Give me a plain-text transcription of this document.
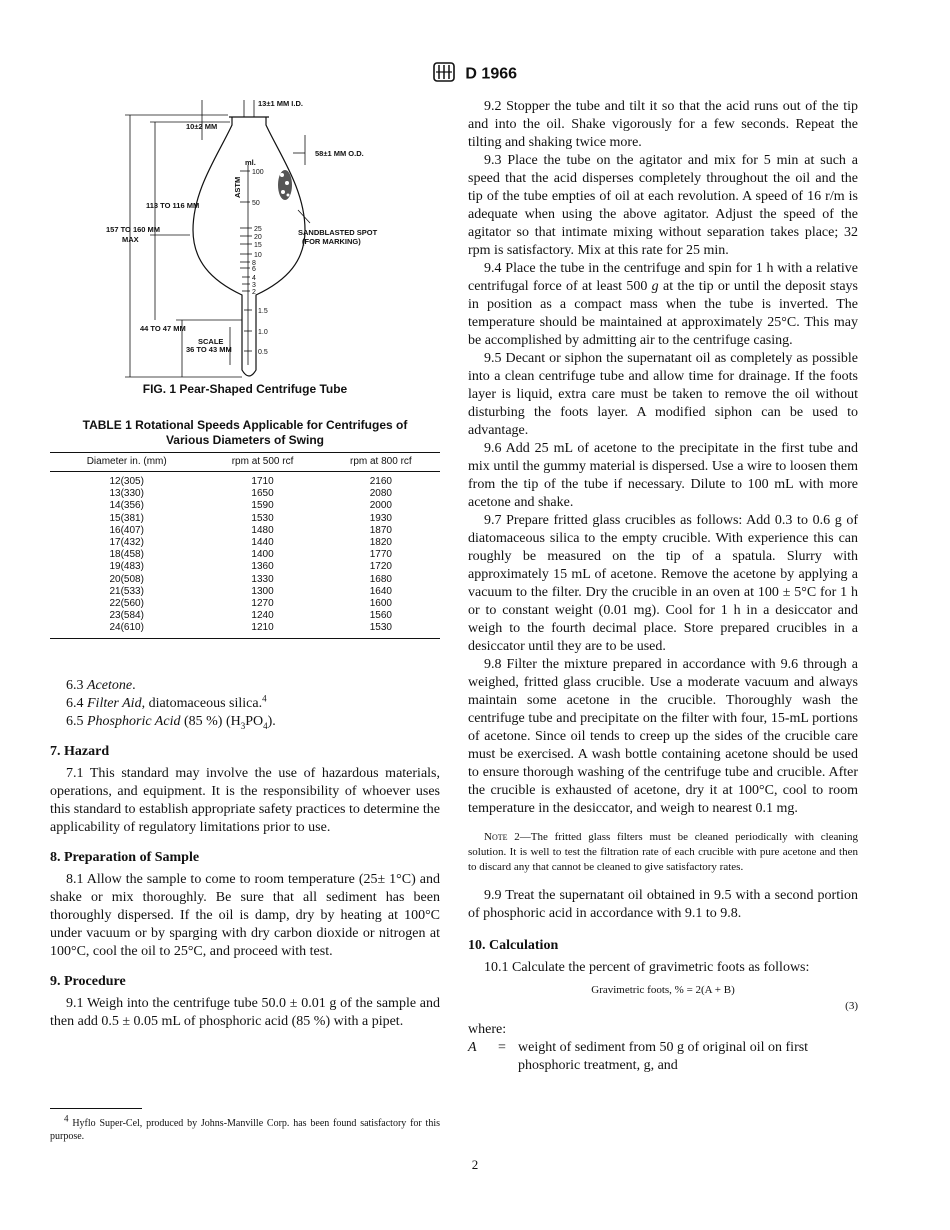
D 1966
13±1 MM I.D.
10±2 MM
58±1 MM O.D.
113 TO 116 MM
157 TO 160 MM
MAX
44 TO 47 MM
SCALE
36 TO 43 MM
SANDBLASTED SPOT
(FOR MARKING)
ml.
ASTM
100
50
25
20
15
10
8
6
4
3
2
1.5
1.0
0.5
FIG. 1 Pear-Shaped Centrifuge Tube
TABLE 1 Rotational Speeds Applicable for Centrifuges of
Various Diameters of Swing
Diameter in. (mm)	rpm at 500 rcf	rpm at 800 rcf
12(305)	1710	2160
13(330)	1650	2080
14(356)	1590	2000
15(381)	1530	1930
16(407)	1480	1870
17(432)	1440	1820
18(458)	1400	1770
19(483)	1360	1720
20(508)	1330	1680
21(533)	1300	1640
22(560)	1270	1600
23(584)	1240	1560
24(610)	1210	1530

6.3 Acetone.

6.4 Filter Aid, diatomaceous silica.$^4$

6.5 Phosphoric Acid (85 %) $(H_3PO_4)$.

7. Hazard

7.1 This standard may involve the use of hazardous materials, operations, and equipment. It is the responsibility of whoever uses this standard to establish appropriate safety practices to determine the applicability of regulatory limitations prior to use.

8. Preparation of Sample

8.1 Allow the sample to come to room temperature (25± 1°C) and shake or mix thoroughly. Be sure that all sediment has been thoroughly dispersed. If the oil is damp, dry by heating at 100°C under vacuum or by sparging with dry carbon dioxide or nitrogen at 100°C, cool the oil to 25°C, and proceed with test.

9. Procedure

9.1 Weigh into the centrifuge tube 50.0 ± 0.01 g of the sample and then add 0.5 ± 0.05 mL of phosphoric acid (85 %) with a pipet.

$^4$ Hyflo Super-Cel, produced by Johns-Manville Corp. has been found satisfactory for this purpose.

9.2 Stopper the tube and tilt it so that the acid runs out of the tip and into the oil. Shake vigorously for a few seconds. Repeat the tilting and shaking twice more.

9.3 Place the tube on the agitator and mix for 5 min at such a speed that the acid disperses completely throughout the oil and the tip of the tube empties of oil at each revolution. A speed of 16 r/m is adequate when using the above agitator. Adjust the speed of the agitator so that intimate mixing without separation takes place; 32 rpm is satisfactory. Mix at this rate for 25 min.

9.4 Place the tube in the centrifuge and spin for 1 h with a relative centrifugal force of at least 500 g at the tip or until the deposit stays in position as a compact mass when the tube is inverted. The temperature should be maintained at approximately 25°C. This may be accomplished by admitting air to the centrifuge casing.

9.5 Decant or siphon the supernatant oil as completely as possible into a clean centrifuge tube and allow time for drainage. If the foots layer is liquid, extra care must be taken to remove the oil without disturbing the foots layer. A modified siphon can be used to advantage.

9.6 Add 25 mL of acetone to the precipitate in the first tube and mix until the gummy material is dispersed. Use a wire to loosen them from the tip of the tube if necessary. Dilute to 100 mL with more acetone and shake.

9.7 Prepare fritted glass crucibles as follows: Add 0.3 to 0.6 g of diatomaceous silica to the empty crucible. With experience this can roughly be measured on the tip of a spatula. Slurry with approximately 15 mL of acetone. Remove the acetone by applying a vacuum to the filter. Dry the crucible in an oven at 100 ± 5°C for 1 h or to constant weight (0.01 mg). Cool for 1 h in a desiccator and weigh to the fourth decimal place. Store prepared crucibles in a desiccator until they are to be used.

9.8 Filter the mixture prepared in accordance with 9.6 through a weighed, fritted glass crucible. Use a moderate vacuum and always maintain some acetone in the crucible. Thoroughly wash the centrifuge tube and precipitate on the filter with four, 15-mL portions of acetone. Since oil tends to creep up the sides of the crucible care must be exercised. A wash bottle containing acetone should be used to ensure thorough washing of the centrifuge tube and crucible. After the crucible is exhausted of acetone, dry it at 100°C, cool to room temperature in the desiccator, and weigh to nearest 0.1 mg.

Note 2—The fritted glass filters must be cleaned periodically with cleaning solution. It is well to test the filtration rate of each crucible with pure acetone and then to discard any that cannot be cleaned to give satisfactory rates.

9.9 Treat the supernatant oil obtained in 9.5 with a second portion of phosphoric acid in accordance with 9.1 to 9.8.

10. Calculation

10.1 Calculate the percent of gravimetric foots as follows:

Gravimetric foots, % = 2(A + B)
(3)
where:
A	= weight of sediment from 50 g of original oil on first phosphoric treatment, g, and
2
